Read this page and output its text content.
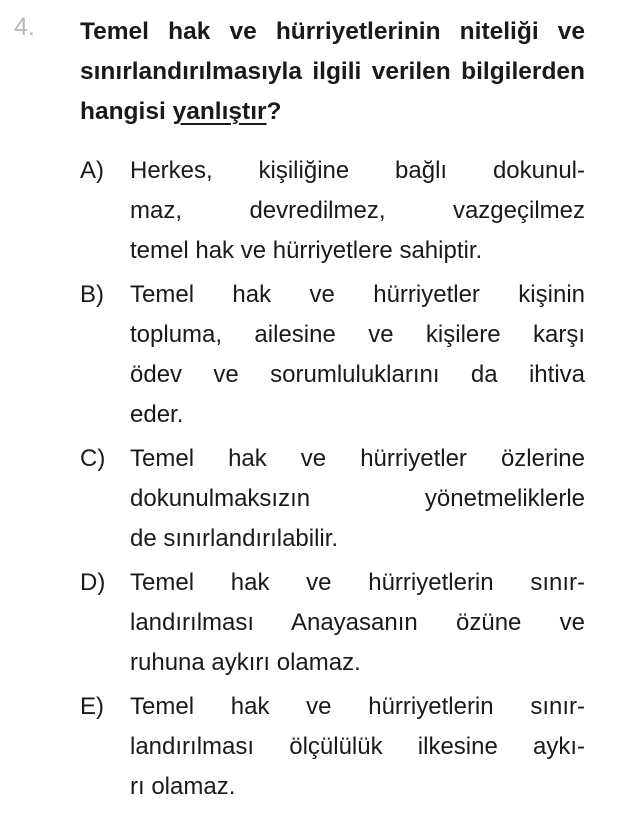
4. Temel hak ve hürriyetlerinin niteliği ve sınırlandırılmasıyla ilgili verilen bilgilerden hangisi yanlıştır?
A)	Herkes, kişiliğine bağlı dokunul-
maz, devredilmez, vazgeçilmez
temel hak ve hürriyetlere sahiptir.
B)	Temel hak ve hürriyetler kişinin
topluma, ailesine ve kişilere karşı
ödev ve sorumluluklarını da ihtiva
eder.
C)	Temel hak ve hürriyetler özlerine
dokunulmaksızın yönetmeliklerle
de sınırlandırılabilir.
D)	Temel hak ve hürriyetlerin sınır-
landırılması Anayasanın özüne ve
ruhuna aykırı olamaz.
E)	Temel hak ve hürriyetlerin sınır-
landırılması ölçülülük ilkesine aykı-
rı olamaz.
